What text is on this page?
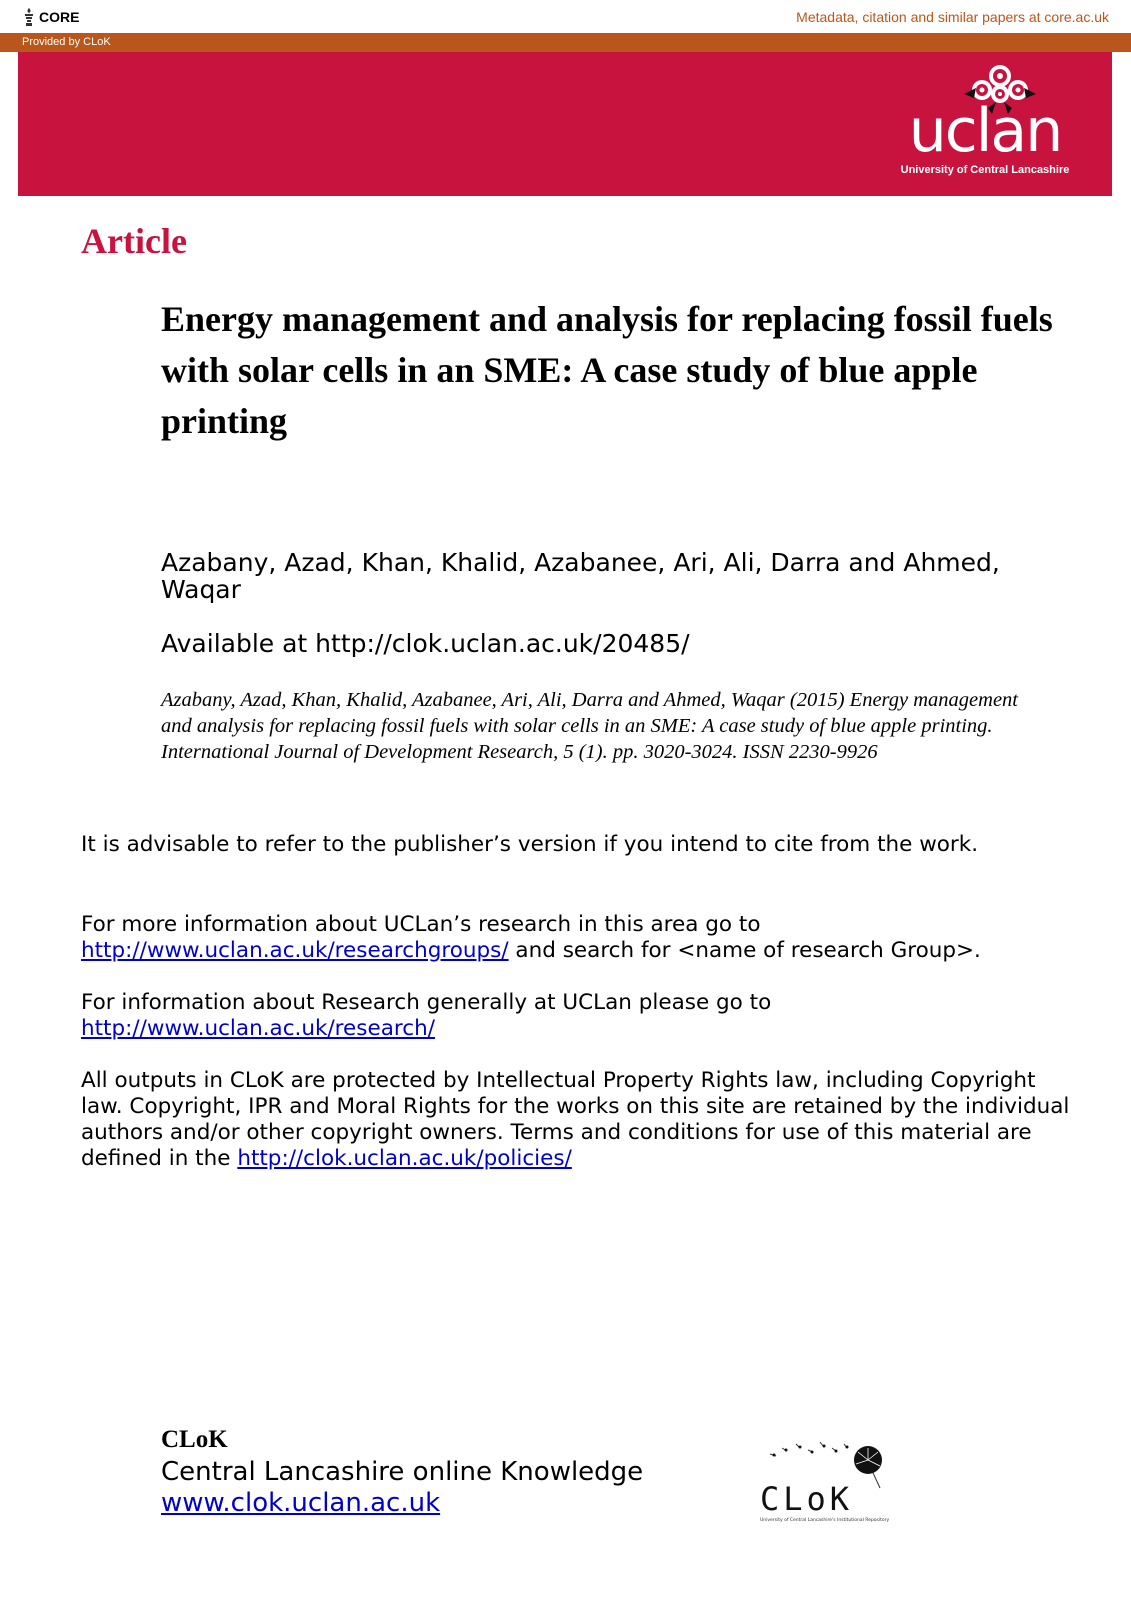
CORE	Metadata, citation and similar papers at core.ac.uk
Provided by CLoK
uclan
University of Central Lancashire
Article
Energy management and analysis for replacing fossil fuels with solar cells in an SME: A case study of blue apple printing
Azabany, Azad, Khan, Khalid, Azabanee, Ari, Ali, Darra and Ahmed, Waqar
Available at http://clok.uclan.ac.uk/20485/
Azabany, Azad, Khan, Khalid, Azabanee, Ari, Ali, Darra and Ahmed, Waqar (2015) Energy management and analysis for replacing fossil fuels with solar cells in an SME: A case study of blue apple printing. International Journal of Development Research, 5 (1). pp. 3020-3024. ISSN 2230-9926
It is advisable to refer to the publisher’s version if you intend to cite from the work.
For more information about UCLan’s research in this area go to
http://www.uclan.ac.uk/researchgroups/ and search for <name of research Group>.
For information about Research generally at UCLan please go to
http://www.uclan.ac.uk/research/
All outputs in CLoK are protected by Intellectual Property Rights law, including Copyright law. Copyright, IPR and Moral Rights for the works on this site are retained by the individual authors and/or other copyright owners. Terms and conditions for use of this material are defined in the http://clok.uclan.ac.uk/policies/
CLoK
Central Lancashire online Knowledge
www.clok.uclan.ac.uk	CLoK
University of Central Lancashire's Institutional Repository
